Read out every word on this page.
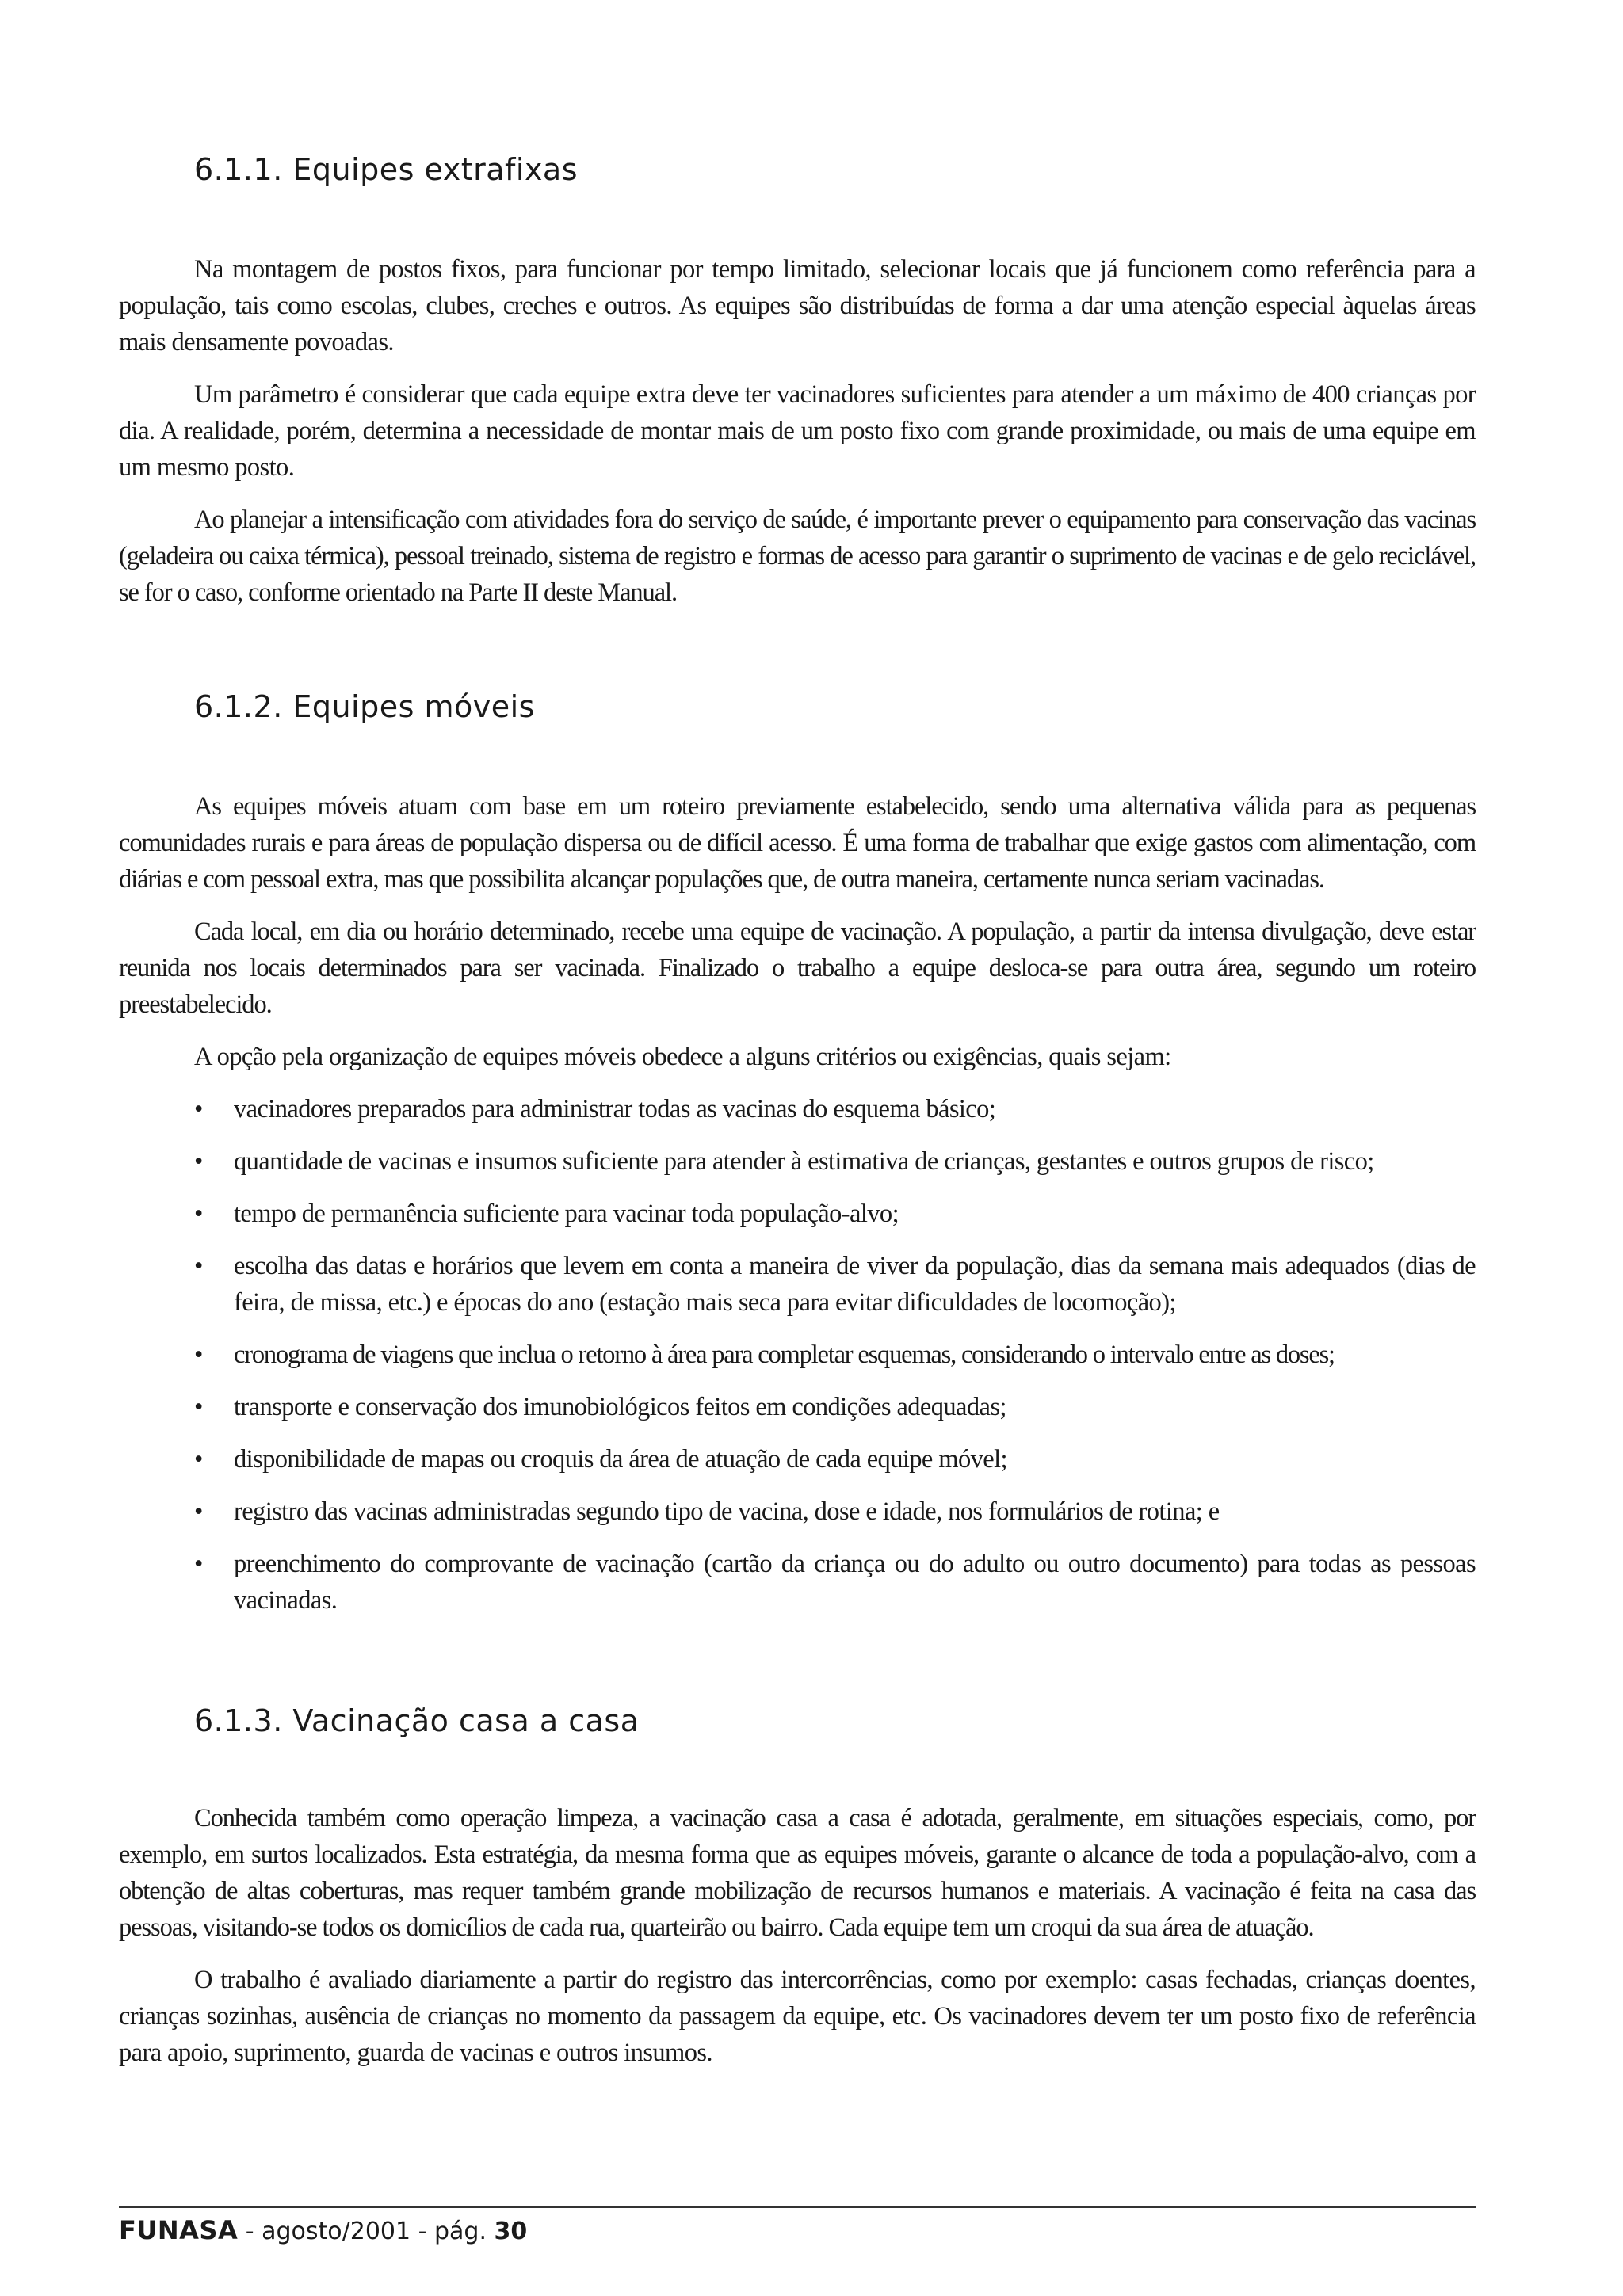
6.1.1. Equipes extrafixas

Na montagem de postos fixos, para funcionar por tempo limitado, selecionar locais que já funcionem como referência para a população, tais como escolas, clubes, creches e outros. As equipes são distribuídas de forma a dar uma atenção especial àquelas áreas mais densamente povoadas.

Um parâmetro é considerar que cada equipe extra deve ter vacinadores suficientes para atender a um máximo de 400 crianças por dia. A realidade, porém, determina a necessidade de montar mais de um posto fixo com grande proximidade, ou mais de uma equipe em um mesmo posto.

Ao planejar a intensificação com atividades fora do serviço de saúde, é importante prever o equipamento para conservação das vacinas (geladeira ou caixa térmica), pessoal treinado, sistema de registro e formas de acesso para garantir o suprimento de vacinas e de gelo reciclável, se for o caso, conforme orientado na Parte II deste Manual.

6.1.2. Equipes móveis

As equipes móveis atuam com base em um roteiro previamente estabelecido, sendo uma alternativa válida para as pequenas comunidades rurais e para áreas de população dispersa ou de difícil acesso. É uma forma de trabalhar que exige gastos com alimentação, com diárias e com pessoal extra, mas que possibilita alcançar populações que, de outra maneira, certamente nunca seriam vacinadas.

Cada local, em dia ou horário determinado, recebe uma equipe de vacinação. A população, a partir da intensa divulgação, deve estar reunida nos locais determinados para ser vacinada. Finalizado o trabalho a equipe desloca-se para outra área, segundo um roteiro preestabelecido.

A opção pela organização de equipes móveis obedece a alguns critérios ou exigências, quais sejam:

• vacinadores preparados para administrar todas as vacinas do esquema básico;
• quantidade de vacinas e insumos suficiente para atender à estimativa de crianças, gestantes e outros grupos de risco;
• tempo de permanência suficiente para vacinar toda população-alvo;
• escolha das datas e horários que levem em conta a maneira de viver da população, dias da semana mais adequados (dias de feira, de missa, etc.) e épocas do ano (estação mais seca para evitar dificuldades de locomoção);
• cronograma de viagens que inclua o retorno à área para completar esquemas, considerando o intervalo entre as doses;
• transporte e conservação dos imunobiológicos feitos em condições adequadas;
• disponibilidade de mapas ou croquis da área de atuação de cada equipe móvel;
• registro das vacinas administradas segundo tipo de vacina, dose e idade, nos formulários de rotina; e
• preenchimento do comprovante de vacinação (cartão da criança ou do adulto ou outro documento) para todas as pessoas vacinadas.
6.1.3. Vacinação casa a casa

Conhecida também como operação limpeza, a vacinação casa a casa é adotada, geralmente, em situações especiais, como, por exemplo, em surtos localizados. Esta estratégia, da mesma forma que as equipes móveis, garante o alcance de toda a população-alvo, com a obtenção de altas coberturas, mas requer também grande mobilização de recursos humanos e materiais. A vacinação é feita na casa das pessoas, visitando-se todos os domicílios de cada rua, quarteirão ou bairro. Cada equipe tem um croqui da sua área de atuação.

O trabalho é avaliado diariamente a partir do registro das intercorrências, como por exemplo: casas fechadas, crianças doentes, crianças sozinhas, ausência de crianças no momento da passagem da equipe, etc. Os vacinadores devem ter um posto fixo de referência para apoio, suprimento, guarda de vacinas e outros insumos.

FUNASA - agosto/2001 - pág. 30
